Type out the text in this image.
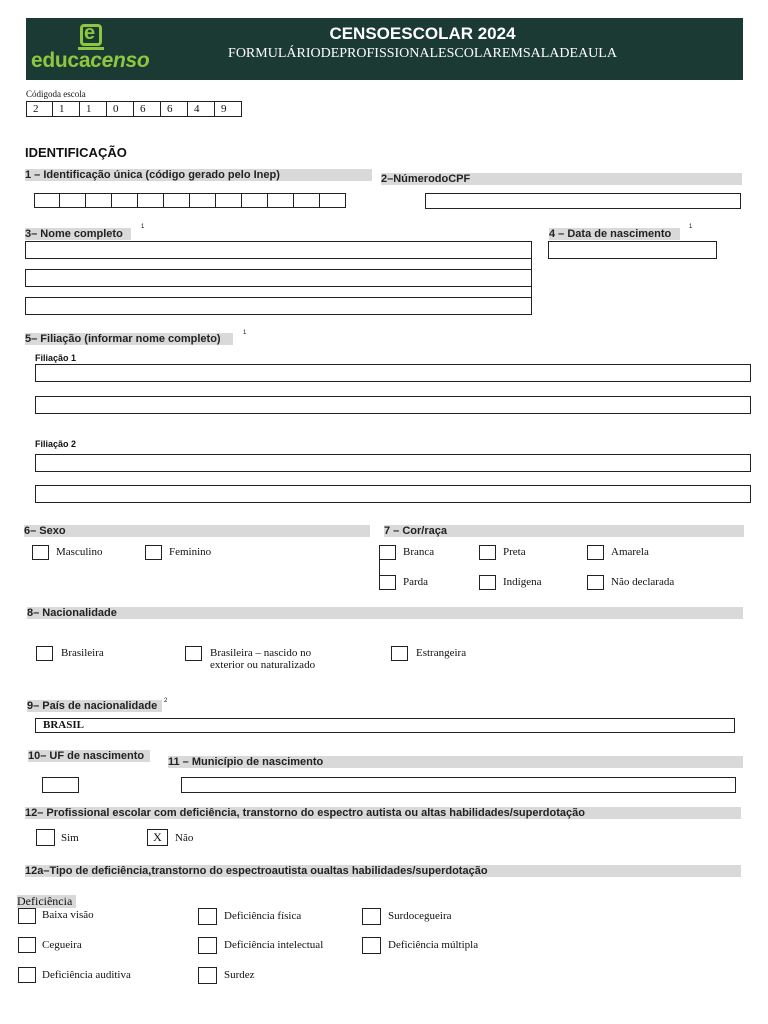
e
educacenso
CENSOESCOLAR 2024
FORMULÁRIODEPROFISSIONALESCOLAREMSALADEAULA
Códigoda escola
2	1	1	0	6	6	4	9
IDENTIFICAÇÃO
1 – Identificação única (código gerado pelo Inep)	2–NúmerodoCPF
3– Nome completo
1
4 – Data de nascimento
1
5– Filiação (informar nome completo)	1
Filiação 1
Filiação 2
6– Sexo	7 – Cor/raça
Masculino	Feminino	Branca	Preta	Amarela
Parda	Indígena	Não declarada
8– Nacionalidade
Brasileira	Brasileira – nascido no
exterior ou naturalizado
Estrangeira
9– País de nacionalidade	2
BRASIL
10– UF de nascimento	11 – Município de nascimento
12– Profissional escolar com deficiência, transtorno do espectro autista ou altas habilidades/superdotação
Sim	X	Não
12a–Tipo de deficiência,transtorno do espectroautista oualtas habilidades/superdotação
Deficiência
Baixa visão	Deficiência física	Surdocegueira
Cegueira	Deficiência intelectual	Deficiência múltipla
Deficiência auditiva	Surdez
